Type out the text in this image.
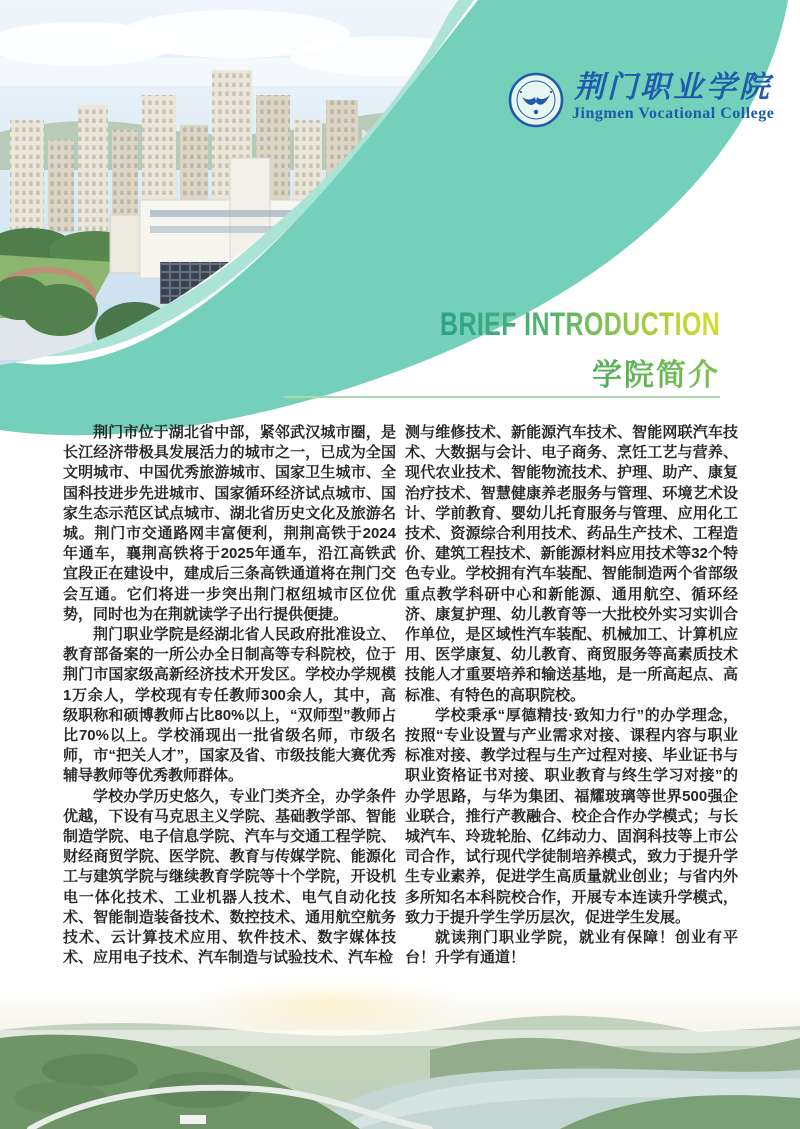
荆门职业学院
Jingmen Vocational College
BRIEF INTRODUCTION
学院简介

荆门市位于湖北省中部，紧邻武汉城市圈，是长江经济带极具发展活力的城市之一，已成为全国文明城市、中国优秀旅游城市、国家卫生城市、全国科技进步先进城市、国家循环经济试点城市、国家生态示范区试点城市、湖北省历史文化及旅游名城。荆门市交通路网丰富便利，荆荆高铁于2024年通车，襄荆高铁将于2025年通车，沿江高铁武宜段正在建设中，建成后三条高铁通道将在荆门交会互通。它们将进一步突出荆门枢纽城市区位优势，同时也为在荆就读学子出行提供便捷。

荆门职业学院是经湖北省人民政府批准设立、教育部备案的一所公办全日制高等专科院校，位于荆门市国家级高新经济技术开发区。学校办学规模1万余人，学校现有专任教师300余人，其中，高级职称和硕博教师占比80%以上，“双师型”教师占比70%以上。学校涌现出一批省级名师，市级名师，市“把关人才”，国家及省、市级技能大赛优秀辅导教师等优秀教师群体。

学校办学历史悠久，专业门类齐全，办学条件优越，下设有马克思主义学院、基础教学部、智能制造学院、电子信息学院、汽车与交通工程学院、财经商贸学院、医学院、教育与传媒学院、能源化工与建筑学院与继续教育学院等十个学院，开设机电一体化技术、工业机器人技术、电气自动化技术、智能制造装备技术、数控技术、通用航空航务技术、云计算技术应用、软件技术、数字媒体技术、应用电子技术、汽车制造与试验技术、汽车检

测与维修技术、新能源汽车技术、智能网联汽车技术、大数据与会计、电子商务、烹饪工艺与营养、现代农业技术、智能物流技术、护理、助产、康复治疗技术、智慧健康养老服务与管理、环境艺术设计、学前教育、婴幼儿托育服务与管理、应用化工技术、资源综合利用技术、药品生产技术、工程造价、建筑工程技术、新能源材料应用技术等32个特色专业。学校拥有汽车装配、智能制造两个省部级重点教学科研中心和新能源、通用航空、循环经济、康复护理、幼儿教育等一大批校外实习实训合作单位，是区域性汽车装配、机械加工、计算机应用、医学康复、幼儿教育、商贸服务等高素质技术技能人才重要培养和输送基地，是一所高起点、高标准、有特色的高职院校。

学校秉承“厚德精技·致知力行”的办学理念，按照“专业设置与产业需求对接、课程内容与职业标准对接、教学过程与生产过程对接、毕业证书与职业资格证书对接、职业教育与终生学习对接”的办学思路，与华为集团、福耀玻璃等世界500强企业联合，推行产教融合、校企合作办学模式；与长城汽车、玲珑轮胎、亿纬动力、固润科技等上市公司合作，试行现代学徒制培养模式，致力于提升学生专业素养，促进学生高质量就业创业；与省内外多所知名本科院校合作，开展专本连读升学模式，致力于提升学生学历层次，促进学生发展。

就读荆门职业学院，就业有保障！创业有平台！升学有通道！
